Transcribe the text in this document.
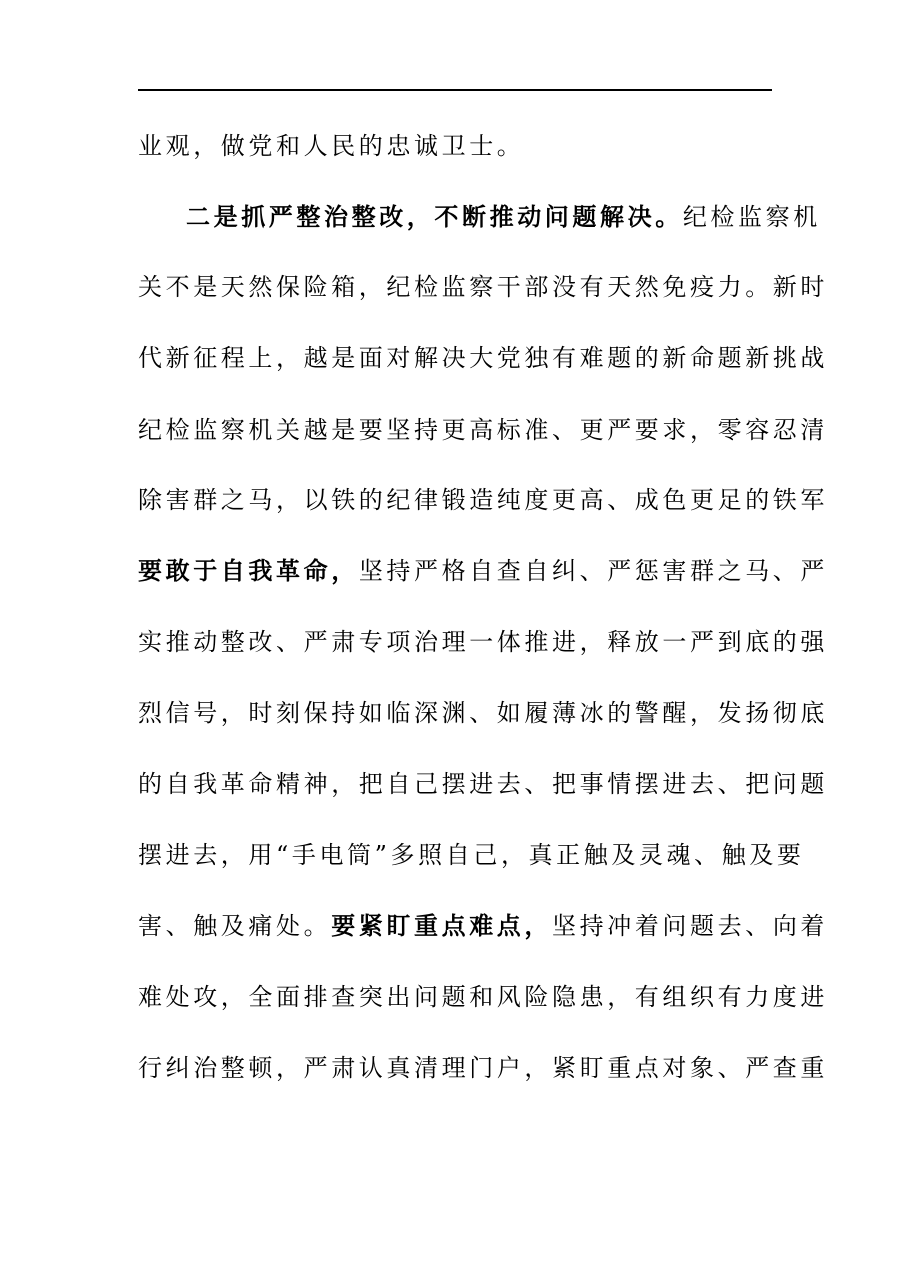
业观，做党和人民的忠诚卫士。
二是抓严整治整改，不断推动问题解决。纪检监察机
关不是天然保险箱，纪检监察干部没有天然免疫力。新时
代新征程上，越是面对解决大党独有难题的新命题新挑战
纪检监察机关越是要坚持更高标准、更严要求，零容忍清
除害群之马，以铁的纪律锻造纯度更高、成色更足的铁军
要敢于自我革命，坚持严格自查自纠、严惩害群之马、严
实推动整改、严肃专项治理一体推进，释放一严到底的强
烈信号，时刻保持如临深渊、如履薄冰的警醒，发扬彻底
的自我革命精神，把自己摆进去、把事情摆进去、把问题
摆进去，用“手电筒”多照自己，真正触及灵魂、触及要
害、触及痛处。要紧盯重点难点，坚持冲着问题去、向着
难处攻，全面排查突出问题和风险隐患，有组织有力度进
行纠治整顿，严肃认真清理门户，紧盯重点对象、严查重
